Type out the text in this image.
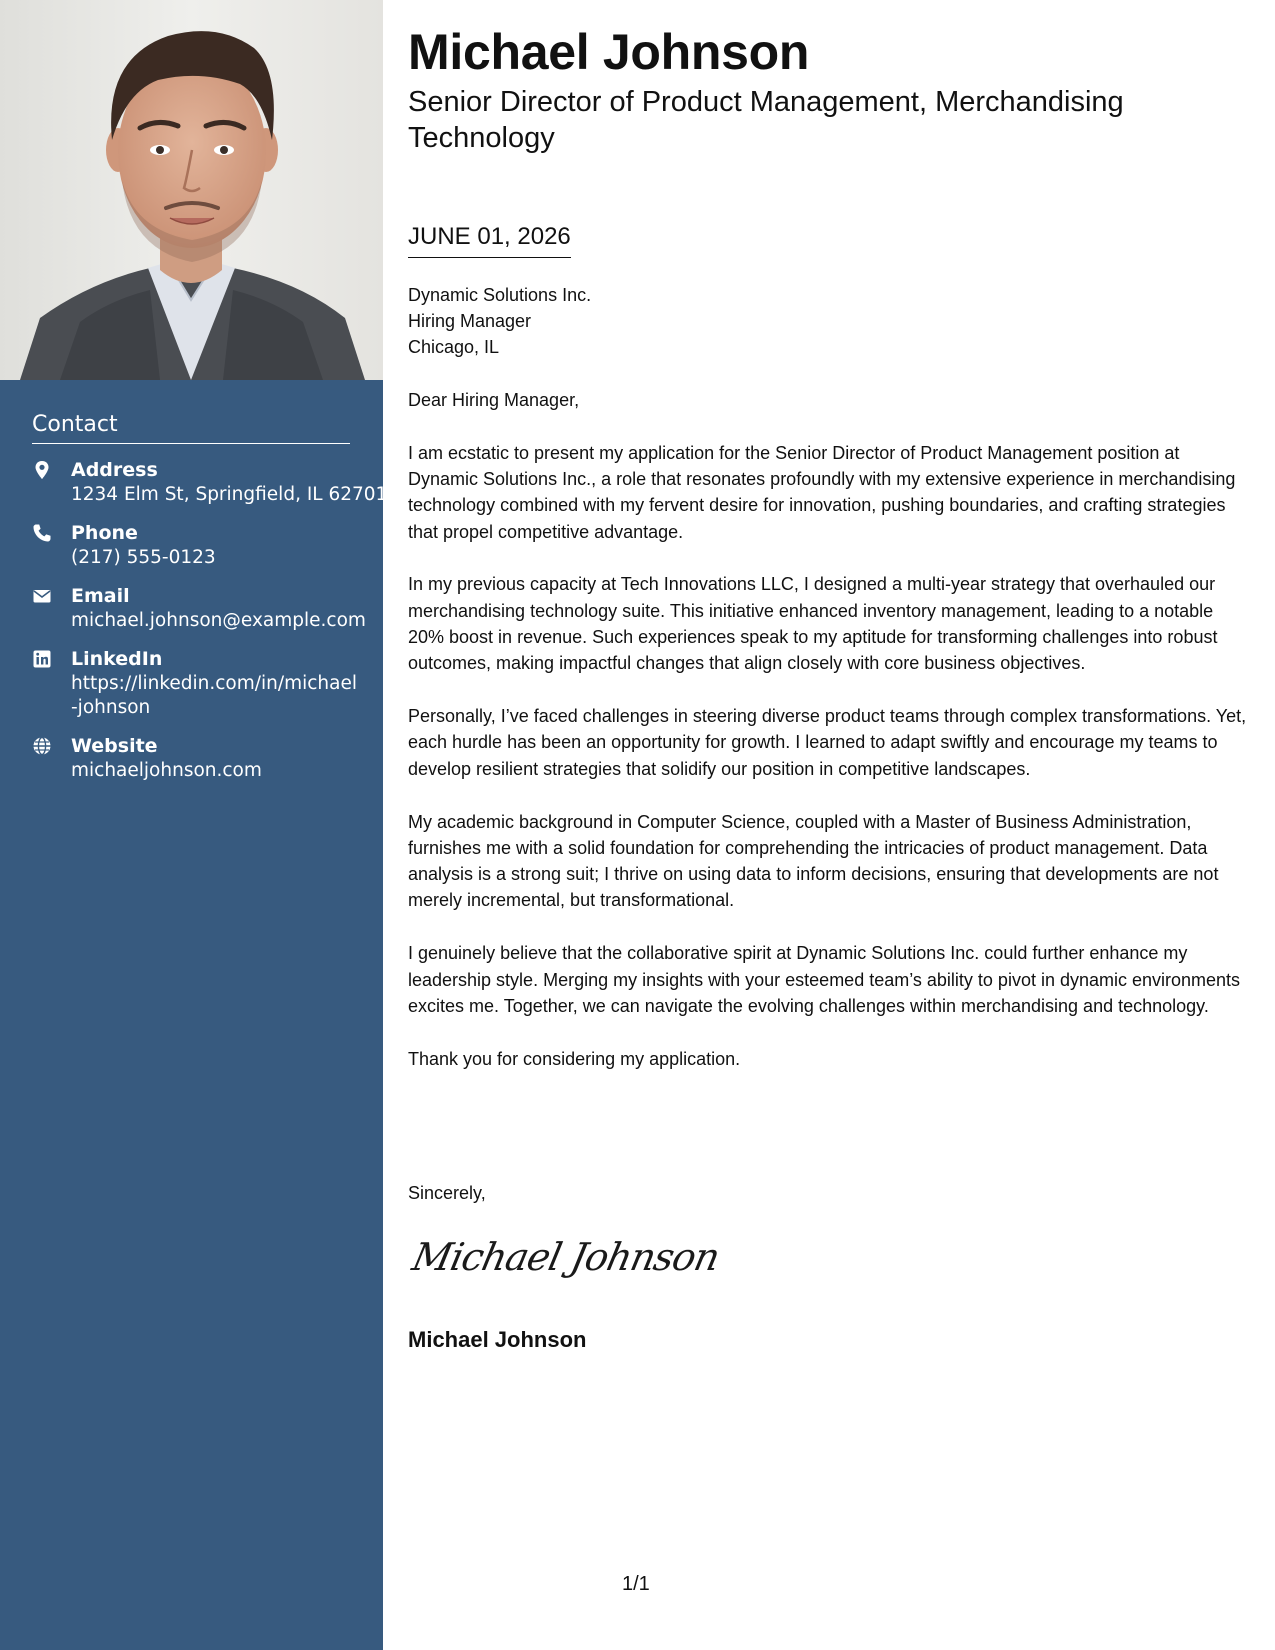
Contact
Address
1234 Elm St, Springfield, IL 62701
Phone
(217) 555-0123
Email
michael.johnson@example.com
LinkedIn
https://linkedin.com/in/michael-johnson
Website
michaeljohnson.com
Michael Johnson
Senior Director of Product Management, Merchandising Technology
JUNE 01, 2026
Dynamic Solutions Inc.
Hiring Manager
Chicago, IL

Dear Hiring Manager,

I am ecstatic to present my application for the Senior Director of Product Management position at Dynamic Solutions Inc., a role that resonates profoundly with my extensive experience in merchandising technology combined with my fervent desire for innovation, pushing boundaries, and crafting strategies that propel competitive advantage.

In my previous capacity at Tech Innovations LLC, I designed a multi-year strategy that overhauled our merchandising technology suite. This initiative enhanced inventory management, leading to a notable 20% boost in revenue. Such experiences speak to my aptitude for transforming challenges into robust outcomes, making impactful changes that align closely with core business objectives.

Personally, I’ve faced challenges in steering diverse product teams through complex transformations. Yet, each hurdle has been an opportunity for growth. I learned to adapt swiftly and encourage my teams to develop resilient strategies that solidify our position in competitive landscapes.

My academic background in Computer Science, coupled with a Master of Business Administration, furnishes me with a solid foundation for comprehending the intricacies of product management. Data analysis is a strong suit; I thrive on using data to inform decisions, ensuring that developments are not merely incremental, but transformational.

I genuinely believe that the collaborative spirit at Dynamic Solutions Inc. could further enhance my leadership style. Merging my insights with your esteemed team’s ability to pivot in dynamic environments excites me. Together, we can navigate the evolving challenges within merchandising and technology.

Thank you for considering my application.

Sincerely,
Michael Johnson
Michael Johnson
1/1
